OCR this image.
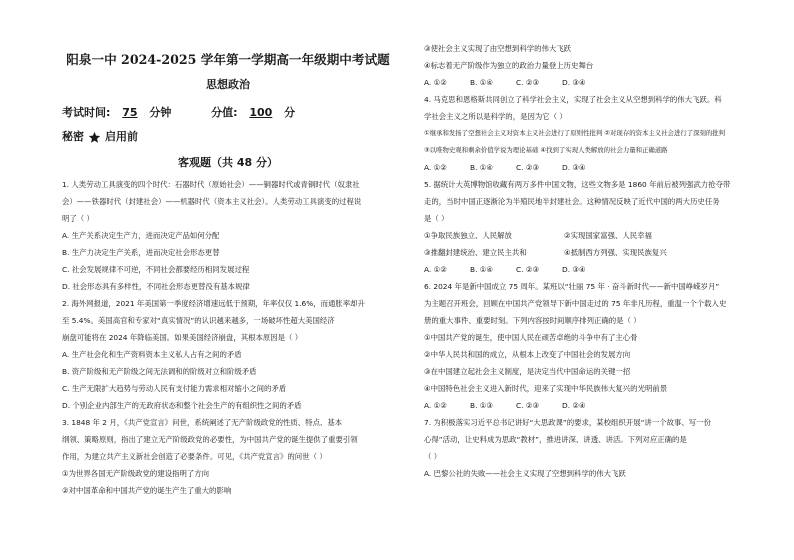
阳泉一中 2024-2025 学年第一学期高一年级期中考试题
思想政治
考试时间: 75 分钟	分值: 100 分
秘密 启用前
客观题（共 48 分）

1. 人类劳动工具演变的四个时代：石器时代（原始社会）——铜器时代或青铜时代（奴隶社

会）——铁器时代（封建社会）——机器时代（资本主义社会）。人类劳动工具演变的过程说

明了（ ）

A. 生产关系决定生产力，进而决定产品如何分配

B. 生产力决定生产关系，进而决定社会形态更替

C. 社会发展规律不可逆，不同社会都要经历相同发展过程

D. 社会形态具有多样性，不同社会形态更替没有基本规律

2. 海外网报道，2021 年美国第一季度经济增速远低于预期，年率仅仅 1.6%，而通胀率却升

至 5.4%。美国高官和专家对“真实情况”的认识越来越多，一场破坏性超大美国经济

崩盘可能将在 2024 年降临美国。如果美国经济崩盘，其根本原因是（ ）

A. 生产社会化和生产资料资本主义私人占有之间的矛盾

B. 资产阶级和无产阶级之间无法调和的阶级对立和阶级矛盾

C. 生产无限扩大趋势与劳动人民有支付能力需求相对缩小之间的矛盾

D. 个别企业内部生产的无政府状态和整个社会生产的有组织性之间的矛盾

3. 1848 年 2 月，《共产党宣言》问世，系统阐述了无产阶级政党的性质、特点、基本

纲领、策略原则，指出了建立无产阶级政党的必要性，为中国共产党的诞生提供了重要引领

作用，为建立共产主义新社会创造了必要条件。可见，《共产党宣言》的问世（ ）

①为世界各国无产阶级政党的建设指明了方向

②对中国革命和中国共产党的诞生产生了重大的影响

③使社会主义实现了由空想到科学的伟大飞跃

④标志着无产阶级作为独立的政治力量登上历史舞台

A. ①②	B. ①④	C. ②③	D. ③④

4. 马克思和恩格斯共同创立了科学社会主义，实现了社会主义从空想到科学的伟大飞跃。科

学社会主义之所以是科学的，是因为它（ ）

①继承和发扬了空想社会主义对资本主义社会进行了原则性批判 ②对现存的资本主义社会进行了深刻的批判

③以唯物史观和剩余价值学说为理论基础 ④找到了实现人类解放的社会力量和正确道路

A. ①②	B. ①④	C. ②③	D. ③④

5. 据统计大英博物馆收藏有两万多件中国文物，这些文物多是 1860 年前后被列强武力抢夺带

走的，当时中国正逐渐沦为半殖民地半封建社会。这种情况反映了近代中国的两大历史任务

是（ ）

①争取民族独立、人民解放	②实现国家富强、人民幸福
③推翻封建统治、建立民主共和	④抵制西方列强、实现民族复兴
A. ①②	B. ①④	C. ②③	D. ③④

6. 2024 年是新中国成立 75 周年。某班以“壮丽 75 年 · 奋斗新时代——新中国峥嵘岁月”

为主题召开班会，回顾在中国共产党领导下新中国走过的 75 年非凡历程，重温一个个载入史

册的重大事件、重要时刻。下列内容按时间顺序排列正确的是（ ）

①中国共产党的诞生，使中国人民在顽苦卓绝的斗争中有了主心骨

②中华人民共和国的成立，从根本上改变了中国社会的发展方向

③在中国建立起社会主义制度，是决定当代中国命运的关键一招

④中国特色社会主义进入新时代，迎来了实现中华民族伟大复兴的光明前景

A. ①②	B. ①③	C. ②③	D. ②④

7. 为积极落实习近平总书记讲好“大思政课”的要求，某校组织开展“讲一个故事、写一份

心得”活动，让史料成为思政“教材”，推进讲深、讲透、讲活。下列对应正确的是

（ ）

A. 巴黎公社的失败——社会主义实现了空想到科学的伟大飞跃
